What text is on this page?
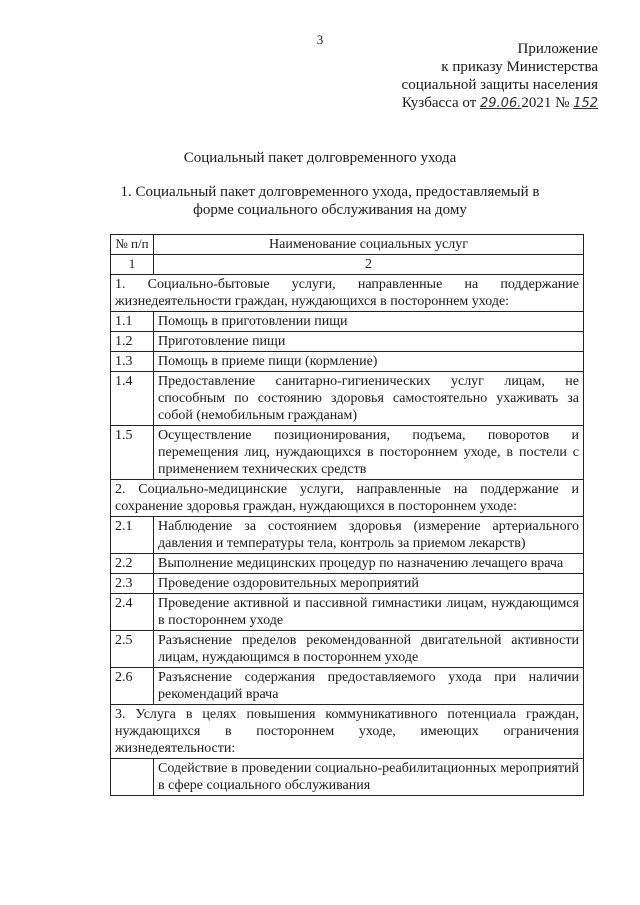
3
Приложение
к приказу Министерства
социальной защиты населения
Кузбасса от 29.06.2021 № 152
Социальный пакет долговременного ухода
1. Социальный пакет долговременного ухода, предоставляемый в форме социального обслуживания на дому
№ п/п	Наименование социальных услуг
1	2
1. Социально-бытовые услуги, направленные на поддержание жизнедеятельности граждан, нуждающихся в постороннем уходе:	
1.1	Помощь в приготовлении пищи
1.2	Приготовление пищи
1.3	Помощь в приеме пищи (кормление)
1.4	Предоставление санитарно-гигиенических услуг лицам, не способным по состоянию здоровья самостоятельно ухаживать за собой (немобильным гражданам)
1.5	Осуществление позиционирования, подъема, поворотов и перемещения лиц, нуждающихся в постороннем уходе, в постели с применением технических средств
2. Социально-медицинские услуги, направленные на поддержание и сохранение здоровья граждан, нуждающихся в постороннем уходе:	
2.1	Наблюдение за состоянием здоровья (измерение артериального давления и температуры тела, контроль за приемом лекарств)
2.2	Выполнение медицинских процедур по назначению лечащего врача
2.3	Проведение оздоровительных мероприятий
2.4	Проведение активной и пассивной гимнастики лицам, нуждающимся в постороннем уходе
2.5	Разъяснение пределов рекомендованной двигательной активности лицам, нуждающимся в постороннем уходе
2.6	Разъяснение содержания предоставляемого ухода при наличии рекомендаций врача
3. Услуга в целях повышения коммуникативного потенциала граждан, нуждающихся в постороннем уходе, имеющих ограничения жизнедеятельности:	
	Содействие в проведении социально-реабилитационных мероприятий в сфере социального обслуживания
